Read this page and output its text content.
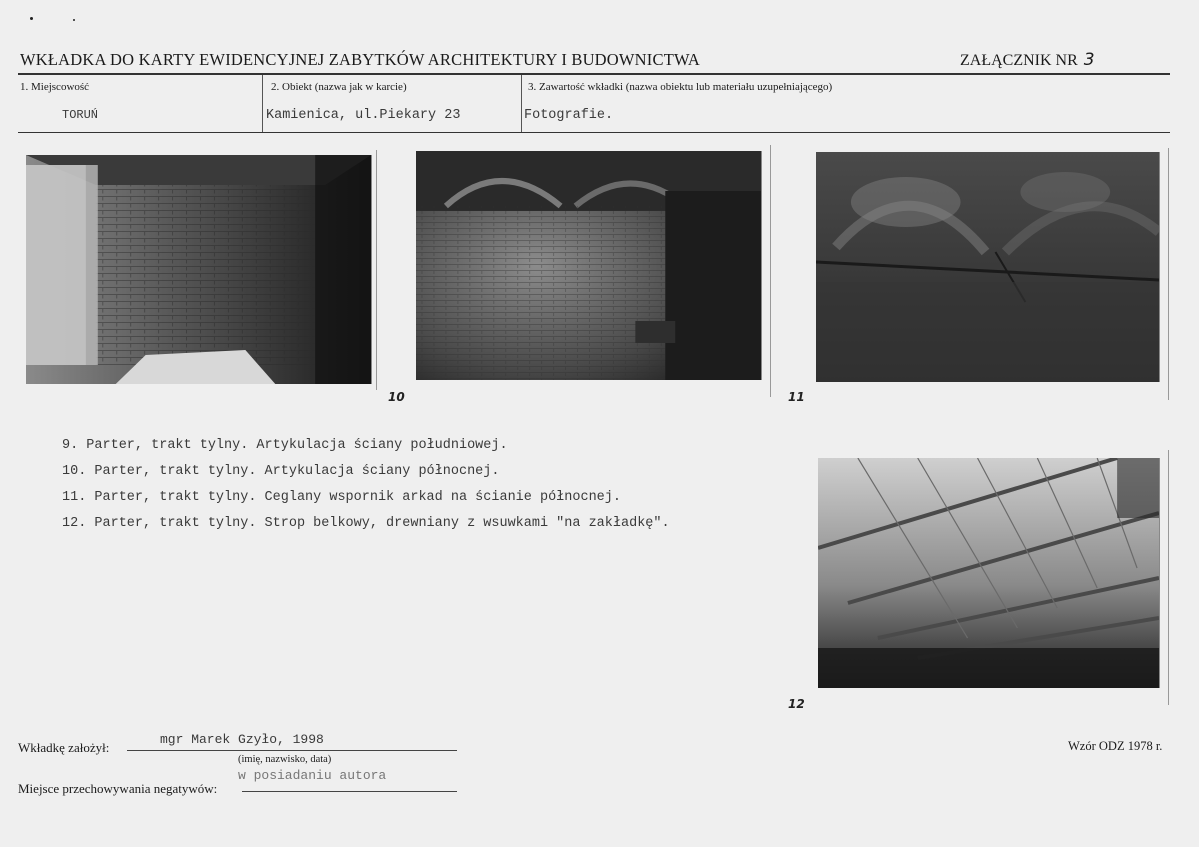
WKŁADKA DO KARTY EWIDENCYJNEJ ZABYTKÓW ARCHITEKTURY I BUDOWNICTWA	ZAŁĄCZNIK NR 3
1. Miejscowość
TORUŃ
2. Obiekt (nazwa jak w karcie)
Kamienica, ul.Piekary 23
3. Zawartość wkładki (nazwa obiektu lub materiału uzupełniającego)
Fotografie.
10	11
12
9. Parter, trakt tylny. Artykulacja ściany południowej.
10. Parter, trakt tylny. Artykulacja ściany północnej.
11. Parter, trakt tylny. Ceglany wspornik arkad na ścianie północnej.
12. Parter, trakt tylny. Strop belkowy, drewniany z wsuwkami "na zakładkę".
Wkładkę założył:
mgr Marek Gzyło, 1998
(imię, nazwisko, data)
Miejsce przechowywania negatywów:
w posiadaniu autora
Wzór ODZ 1978 r.
